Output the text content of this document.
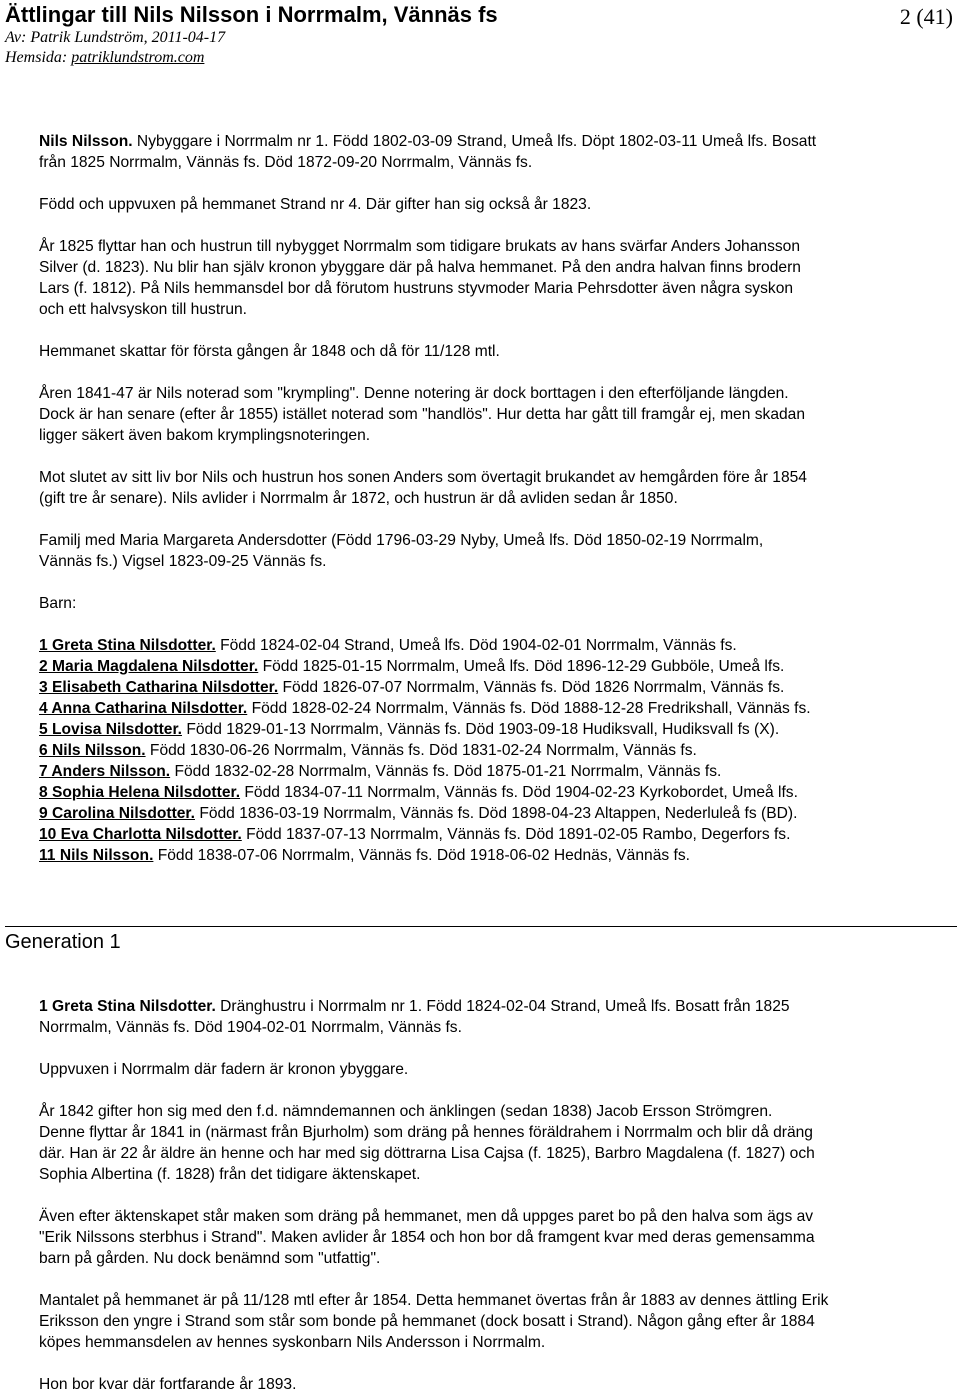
Ättlingar till Nils Nilsson i Norrmalm, Vännäs fs	2 (41)
Av: Patrik Lundström, 2011-04-17
Hemsida: patriklundstrom.com

Nils Nilsson. Nybyggare i Norrmalm nr 1. Född 1802-03-09 Strand, Umeå lfs. Döpt 1802-03-11 Umeå lfs. Bosatt

från 1825 Norrmalm, Vännäs fs. Död 1872-09-20 Norrmalm, Vännäs fs.

Född och uppvuxen på hemmanet Strand nr 4. Där gifter han sig också år 1823.

År 1825 flyttar han och hustrun till nybygget Norrmalm som tidigare brukats av hans svärfar Anders Johansson

Silver (d. 1823). Nu blir han själv kronon ybyggare där på halva hemmanet. På den andra halvan finns brodern

Lars (f. 1812). På Nils hemmansdel bor då förutom hustruns styvmoder Maria Pehrsdotter även några syskon

och ett halvsyskon till hustrun.

Hemmanet skattar för första gången år 1848 och då för 11/128 mtl.

Åren 1841-47 är Nils noterad som "krympling". Denne notering är dock borttagen i den efterföljande längden.

Dock är han senare (efter år 1855) istället noterad som "handlös". Hur detta har gått till framgår ej, men skadan

ligger säkert även bakom krymplingsnoteringen.

Mot slutet av sitt liv bor Nils och hustrun hos sonen Anders som övertagit brukandet av hemgården före år 1854

(gift tre år senare). Nils avlider i Norrmalm år 1872, och hustrun är då avliden sedan år 1850.

Familj med Maria Margareta Andersdotter (Född 1796-03-29 Nyby, Umeå lfs. Död 1850-02-19 Norrmalm,

Vännäs fs.) Vigsel 1823-09-25 Vännäs fs.

Barn:

1 Greta Stina Nilsdotter. Född 1824-02-04 Strand, Umeå lfs. Död 1904-02-01 Norrmalm, Vännäs fs.

2 Maria Magdalena Nilsdotter. Född 1825-01-15 Norrmalm, Umeå lfs. Död 1896-12-29 Gubböle, Umeå lfs.

3 Elisabeth Catharina Nilsdotter. Född 1826-07-07 Norrmalm, Vännäs fs. Död 1826 Norrmalm, Vännäs fs.

4 Anna Catharina Nilsdotter. Född 1828-02-24 Norrmalm, Vännäs fs. Död 1888-12-28 Fredrikshall, Vännäs fs.

5 Lovisa Nilsdotter. Född 1829-01-13 Norrmalm, Vännäs fs. Död 1903-09-18 Hudiksvall, Hudiksvall fs (X).

6 Nils Nilsson. Född 1830-06-26 Norrmalm, Vännäs fs. Död 1831-02-24 Norrmalm, Vännäs fs.

7 Anders Nilsson. Född 1832-02-28 Norrmalm, Vännäs fs. Död 1875-01-21 Norrmalm, Vännäs fs.

8 Sophia Helena Nilsdotter. Född 1834-07-11 Norrmalm, Vännäs fs. Död 1904-02-23 Kyrkobordet, Umeå lfs.

9 Carolina Nilsdotter. Född 1836-03-19 Norrmalm, Vännäs fs. Död 1898-04-23 Altappen, Nederluleå fs (BD).

10 Eva Charlotta Nilsdotter. Född 1837-07-13 Norrmalm, Vännäs fs. Död 1891-02-05 Rambo, Degerfors fs.

11 Nils Nilsson. Född 1838-07-06 Norrmalm, Vännäs fs. Död 1918-06-02 Hednäs, Vännäs fs.

Generation 1

1 Greta Stina Nilsdotter. Dränghustru i Norrmalm nr 1. Född 1824-02-04 Strand, Umeå lfs. Bosatt från 1825

Norrmalm, Vännäs fs. Död 1904-02-01 Norrmalm, Vännäs fs.

Uppvuxen i Norrmalm där fadern är kronon ybyggare.

År 1842 gifter hon sig med den f.d. nämndemannen och änklingen (sedan 1838) Jacob Ersson Strömgren.

Denne flyttar år 1841 in (närmast från Bjurholm) som dräng på hennes föräldrahem i Norrmalm och blir då dräng

där. Han är 22 år äldre än henne och har med sig döttrarna Lisa Cajsa (f. 1825), Barbro Magdalena (f. 1827) och

Sophia Albertina (f. 1828) från det tidigare äktenskapet.

Även efter äktenskapet står maken som dräng på hemmanet, men då uppges paret bo på den halva som ägs av

"Erik Nilssons sterbhus i Strand". Maken avlider år 1854 och hon bor då framgent kvar med deras gemensamma

barn på gården. Nu dock benämnd som "utfattig".

Mantalet på hemmanet är på 11/128 mtl efter år 1854. Detta hemmanet övertas från år 1883 av dennes ättling Erik

Eriksson den yngre i Strand som står som bonde på hemmanet (dock bosatt i Strand). Någon gång efter år 1884

köpes hemmansdelen av hennes syskonbarn Nils Andersson i Norrmalm.

Hon bor kvar där fortfarande år 1893.
